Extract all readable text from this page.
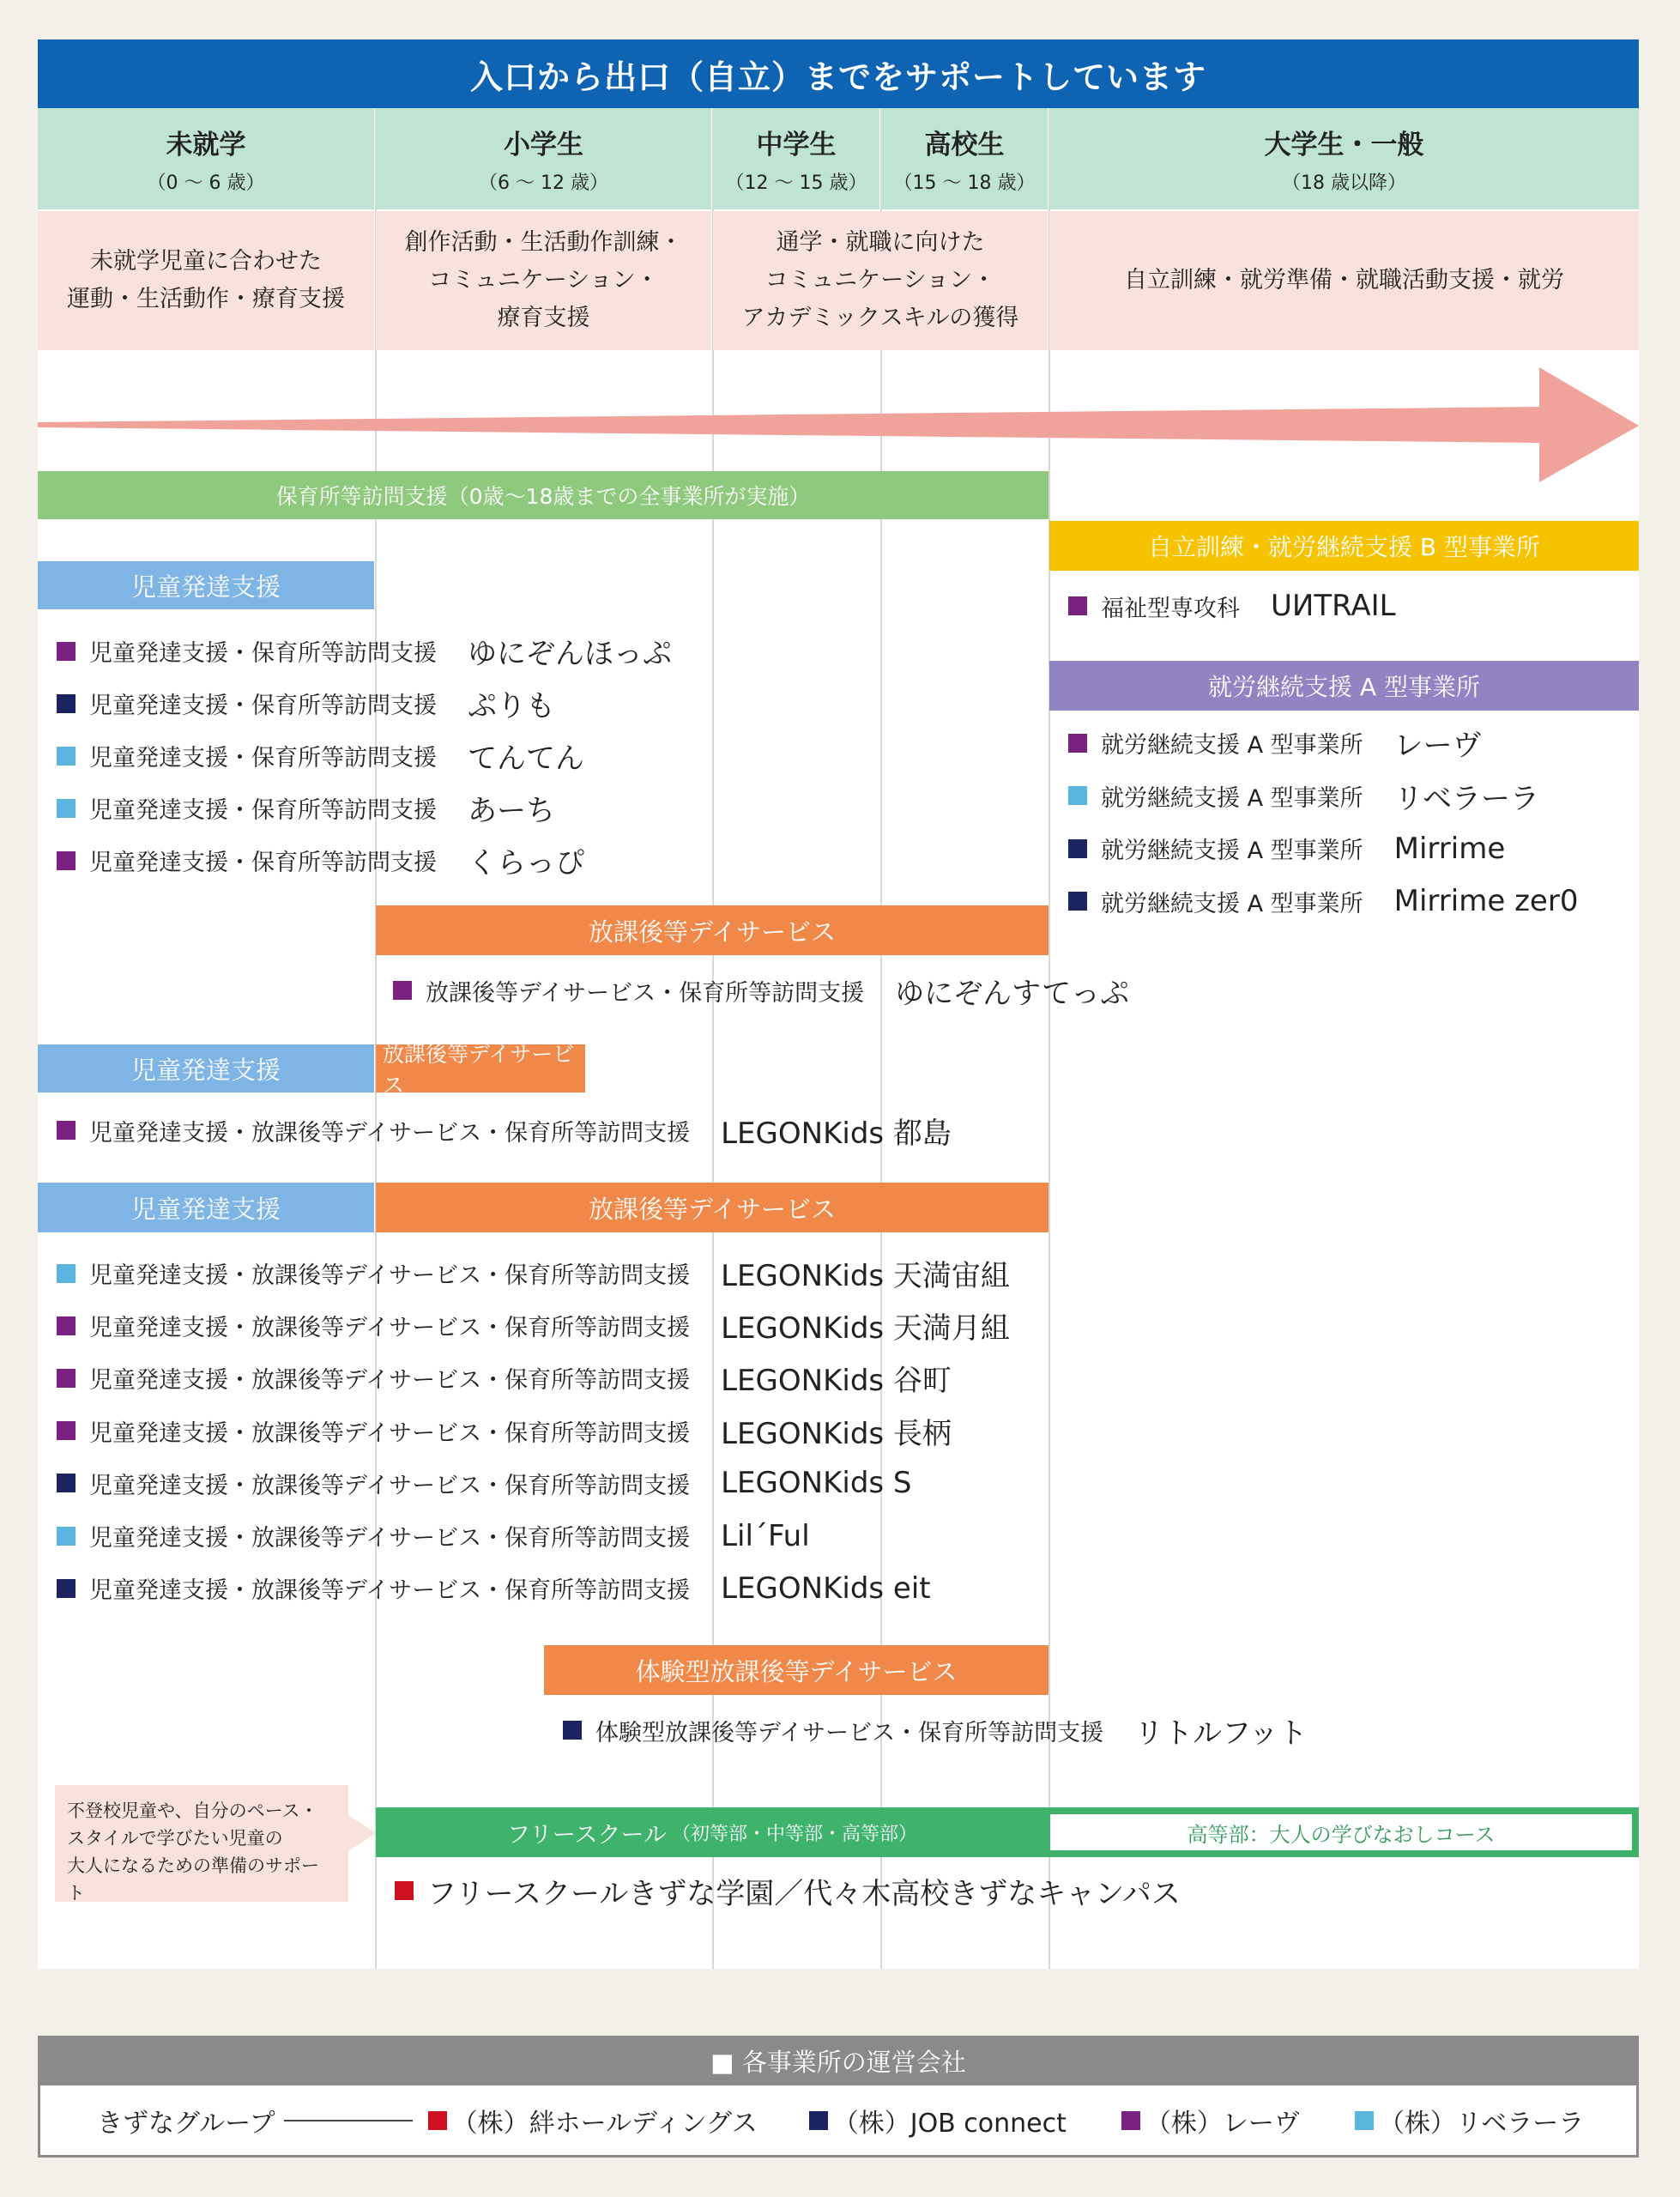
入口から出口（自立）までをサポートしています
未就学
（0 〜 6 歳）
小学生
（6 〜 12 歳）
中学生
（12 〜 15 歳）
高校生
（15 〜 18 歳）
大学生・一般
（18 歳以降）
未就学児童に合わせた
運動・生活動作・療育支援
創作活動・生活動作訓練・
コミュニケーション・
療育支援
通学・就職に向けた
コミュニケーション・
アカデミックスキルの獲得
自立訓練・就労準備・就職活動支援・就労
保育所等訪問支援（0歳〜18歳までの全事業所が実施）
児童発達支援
児童発達支援・保育所等訪問支援 ゆにぞんほっぷ
児童発達支援・保育所等訪問支援 ぷりも
児童発達支援・保育所等訪問支援 てんてん
児童発達支援・保育所等訪問支援 あーち
児童発達支援・保育所等訪問支援 くらっぴ
放課後等デイサービス
放課後等デイサービス・保育所等訪問支援 ゆにぞんすてっぷ
児童発達支援
放課後等デイサービス
児童発達支援・放課後等デイサービス・保育所等訪問支援 LEGONKids 都島
児童発達支援	放課後等デイサービス
児童発達支援・放課後等デイサービス・保育所等訪問支援 LEGONKids 天満宙組
児童発達支援・放課後等デイサービス・保育所等訪問支援 LEGONKids 天満月組
児童発達支援・放課後等デイサービス・保育所等訪問支援 LEGONKids 谷町
児童発達支援・放課後等デイサービス・保育所等訪問支援 LEGONKids 長柄
児童発達支援・放課後等デイサービス・保育所等訪問支援 LEGONKids S
児童発達支援・放課後等デイサービス・保育所等訪問支援 Lil´Ful
児童発達支援・放課後等デイサービス・保育所等訪問支援 LEGONKids eit
体験型放課後等デイサービス
体験型放課後等デイサービス・保育所等訪問支援 リトルフット
自立訓練・就労継続支援 B 型事業所
福祉型専攻科 UИTRAIL
就労継続支援 A 型事業所
就労継続支援 A 型事業所 レーヴ
就労継続支援 A 型事業所 リベラーラ
就労継続支援 A 型事業所 Mirrime
就労継続支援 A 型事業所 Mirrime zer0
不登校児童や、自分のペース・
スタイルで学びたい児童の
大人になるための準備のサポート
フリースクール （初等部・中等部・高等部）	高等部：大人の学びなおしコース
フリースクールきずな学園／代々木高校きずなキャンパス
■ 各事業所の運営会社
きずなグループ	（株）絆ホールディングス	（株）JOB connect	（株）レーヴ	（株）リベラーラ
